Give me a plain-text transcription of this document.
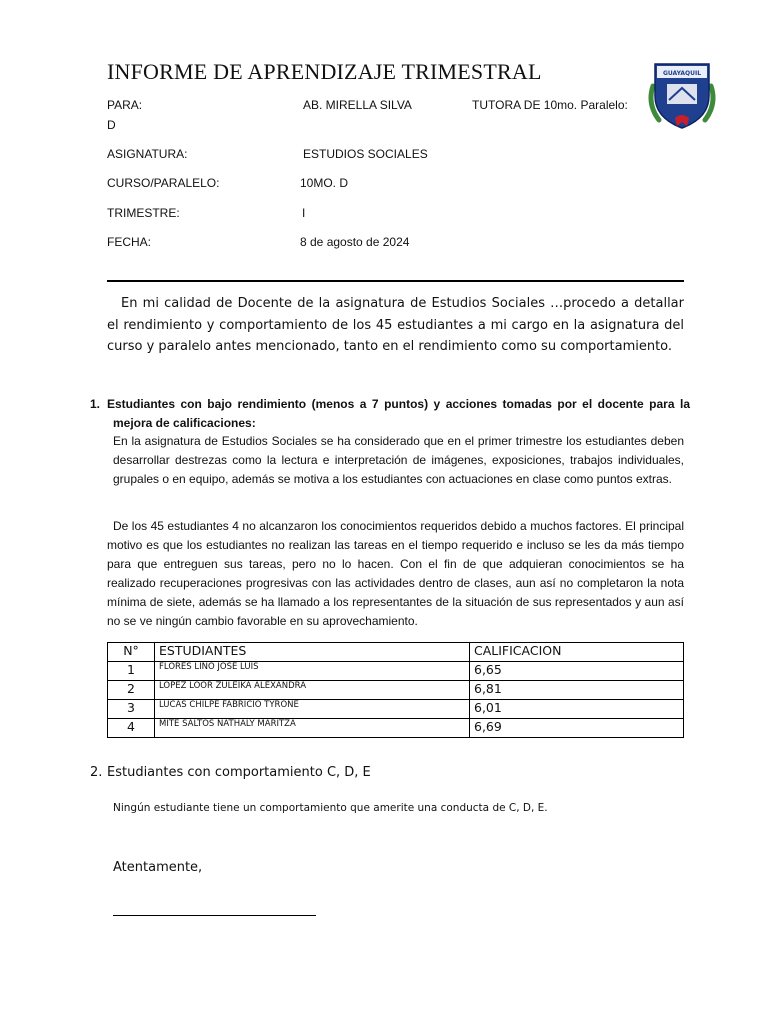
INFORME DE APRENDIZAJE TRIMESTRAL	GUAYAQUIL
PARA:	AB. MIRELLA SILVA	TUTORA DE 10mo. Paralelo:
D
ASIGNATURA:	ESTUDIOS SOCIALES
CURSO/PARALELO:	10MO. D
TRIMESTRE:	I
FECHA:	8 de agosto de 2024
En mi calidad de Docente de la asignatura de Estudios Sociales …procedo a detallar el rendimiento y comportamiento de los 45 estudiantes a mi cargo en la asignatura del curso y paralelo antes mencionado, tanto en el rendimiento como su comportamiento.
1. Estudiantes con bajo rendimiento (menos a 7 puntos) y acciones tomadas por el docente para la mejora de calificaciones:
En la asignatura de Estudios Sociales se ha considerado que en el primer trimestre los estudiantes deben desarrollar destrezas como la lectura e interpretación de imágenes, exposiciones, trabajos individuales, grupales o en equipo, además se motiva a los estudiantes con actuaciones en clase como puntos extras.
De los 45 estudiantes 4 no alcanzaron los conocimientos requeridos debido a muchos factores. El principal motivo es que los estudiantes no realizan las tareas en el tiempo requerido e incluso se les da más tiempo para que entreguen sus tareas, pero no lo hacen. Con el fin de que adquieran conocimientos se ha realizado recuperaciones progresivas con las actividades dentro de clases, aun así no completaron la nota mínima de siete, además se ha llamado a los representantes de la situación de sus representados y aun así no se ve ningún cambio favorable en su aprovechamiento.
N°	ESTUDIANTES	CALIFICACION
1	FLORES LINO JOSE LUIS	6,65
2	LOPEZ LOOR ZULEIKA ALEXANDRA	6,81
3	LUCAS CHILPE FABRICIO TYRONE	6,01
4	MITE SALTOS NATHALY MARITZA	6,69
2. Estudiantes con comportamiento C, D, E
Ningún estudiante tiene un comportamiento que amerite una conducta de C, D, E.
Atentamente,
